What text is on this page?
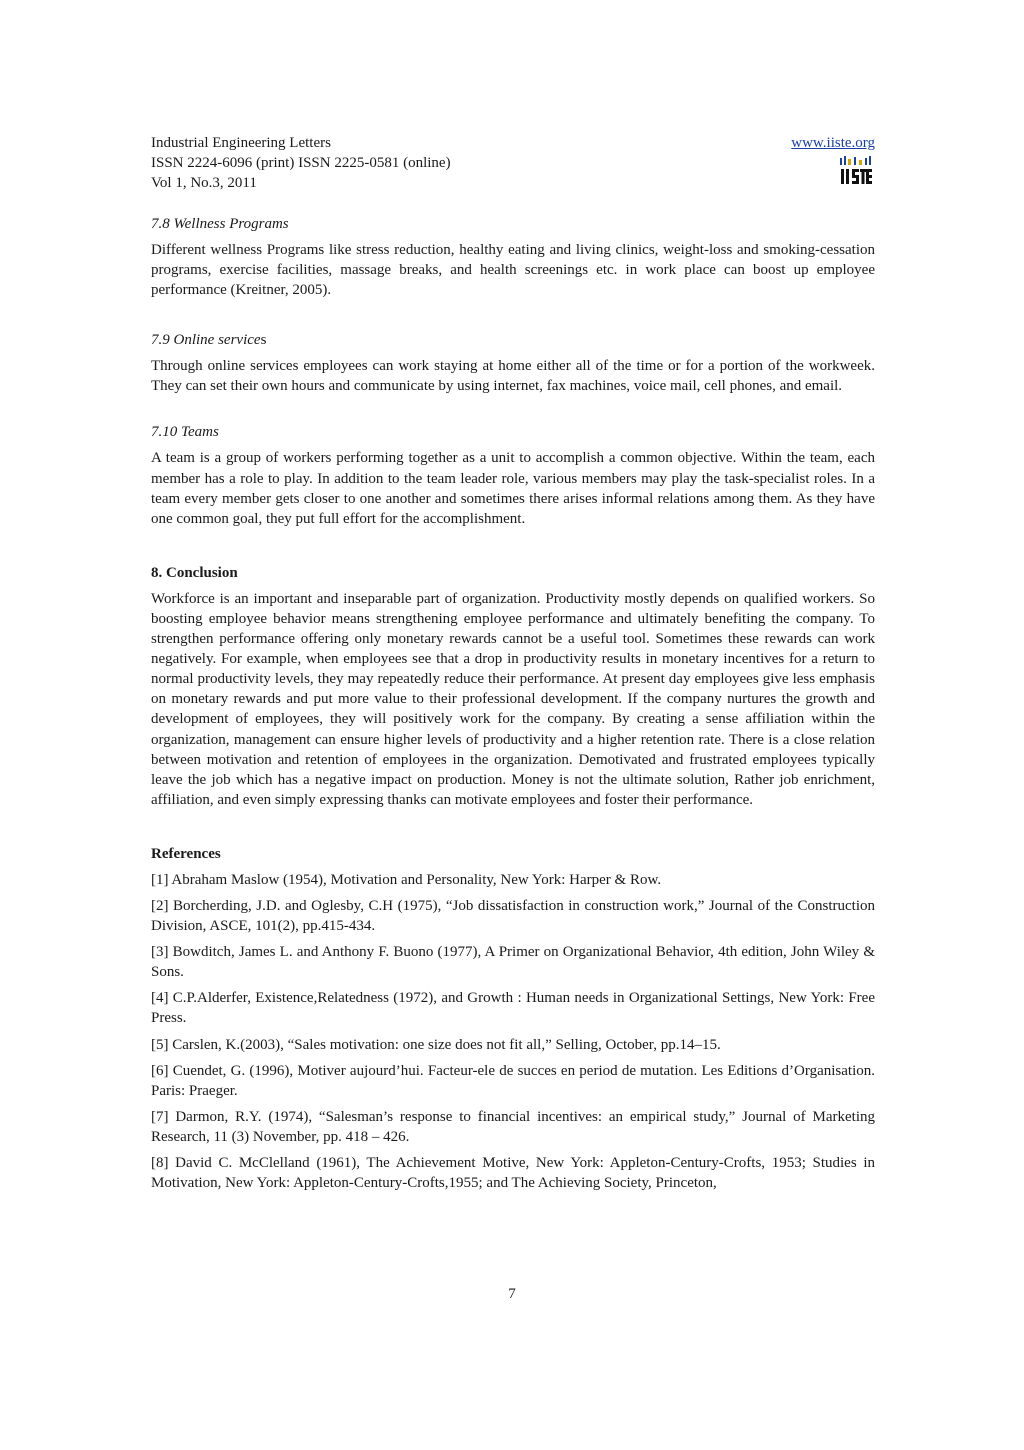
Industrial Engineering Letters
ISSN 2224-6096 (print) ISSN 2225-0581 (online)
Vol 1, No.3, 2011
www.iiste.org
7.8 Wellness Programs

Different wellness Programs like stress reduction, healthy eating and living clinics, weight-loss and smoking-cessation programs, exercise facilities, massage breaks, and health screenings etc. in work place can boost up employee performance (Kreitner, 2005).

7.9 Online services

Through online services employees can work staying at home either all of the time or for a portion of the workweek. They can set their own hours and communicate by using internet, fax machines, voice mail, cell phones, and email.

7.10 Teams

A team is a group of workers performing together as a unit to accomplish a common objective. Within the team, each member has a role to play. In addition to the team leader role, various members may play the task-specialist roles. In a team every member gets closer to one another and sometimes there arises informal relations among them. As they have one common goal, they put full effort for the accomplishment.

8. Conclusion

Workforce is an important and inseparable part of organization. Productivity mostly depends on qualified workers. So boosting employee behavior means strengthening employee performance and ultimately benefiting the company. To strengthen performance offering only monetary rewards cannot be a useful tool. Sometimes these rewards can work negatively. For example, when employees see that a drop in productivity results in monetary incentives for a return to normal productivity levels, they may repeatedly reduce their performance. At present day employees give less emphasis on monetary rewards and put more value to their professional development. If the company nurtures the growth and development of employees, they will positively work for the company. By creating a sense affiliation within the organization, management can ensure higher levels of productivity and a higher retention rate. There is a close relation between motivation and retention of employees in the organization. Demotivated and frustrated employees typically leave the job which has a negative impact on production. Money is not the ultimate solution, Rather job enrichment, affiliation, and even simply expressing thanks can motivate employees and foster their performance.

References

[1] Abraham Maslow (1954), Motivation and Personality, New York: Harper & Row.

[2] Borcherding, J.D. and Oglesby, C.H (1975), “Job dissatisfaction in construction work,” Journal of the Construction Division, ASCE, 101(2), pp.415-434.

[3] Bowditch, James L. and Anthony F. Buono (1977), A Primer on Organizational Behavior, 4th edition, John Wiley & Sons.

[4] C.P.Alderfer, Existence,Relatedness (1972), and Growth : Human needs in Organizational Settings, New York: Free Press.

[5] Carslen, K.(2003), “Sales motivation: one size does not fit all,” Selling, October, pp.14–15.

[6] Cuendet, G. (1996), Motiver aujourd’hui. Facteur-ele de succes en period de mutation. Les Editions d’Organisation. Paris: Praeger.

[7] Darmon, R.Y. (1974), “Salesman’s response to financial incentives: an empirical study,” Journal of Marketing Research, 11 (3) November, pp. 418 – 426.

[8] David C. McClelland (1961), The Achievement Motive, New York: Appleton-Century-Crofts, 1953; Studies in Motivation, New York: Appleton-Century-Crofts,1955; and The Achieving Society, Princeton,

7
